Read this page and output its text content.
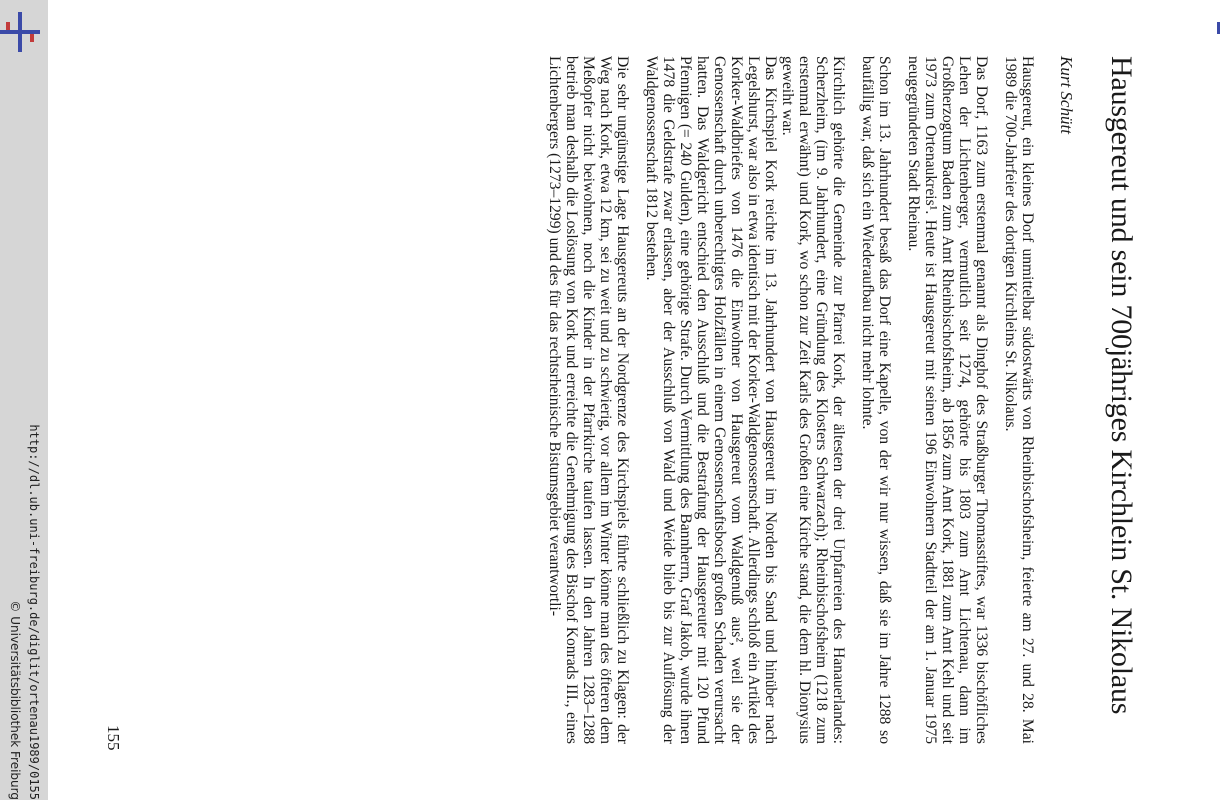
http://dl.ub.uni-freiburg.de/diglit/ortenau1989/0155
© Universitätsbibliothek Freiburg	Hausgereut und sein 700jähriges Kirchlein St. Nikolaus
Kurt Schütt

Hausgereut, ein kleines Dorf unmittelbar südostwärts von Rheinbischofsheim, feierte am 27. und 28. Mai 1989 die 700-Jahrfeier des dortigen Kirchleins St. Nikolaus.

Das Dorf, 1163 zum erstenmal genannt als Dinghof des Straßburger Thomasstiftes, war 1336 bischöfliches Lehen der Lichtenberger, vermutlich seit 1274, gehörte bis 1803 zum Amt Lichtenau, dann im Großherzogtum Baden zum Amt Rheinbischofsheim, ab 1856 zum Amt Kork, 1881 zum Amt Kehl und seit 1973 zum Ortenaukreis¹. Heute ist Hausgereut mit seinen 196 Einwohnern Stadtteil der am 1. Januar 1975 neugegründeten Stadt Rheinau.

Schon im 13. Jahrhundert besaß das Dorf eine Kapelle, von der wir nur wissen, daß sie im Jahre 1288 so baufällig war, daß sich ein Wiederaufbau nicht mehr lohnte.

Kirchlich gehörte die Gemeinde zur Pfarrei Kork, der ältesten der drei Urpfarreien des Hanauerlandes: Scherzheim, (im 9. Jahrhundert, eine Gründung des Klosters Schwarzach); Rheinbischofsheim (1218 zum erstenmal erwähnt) und Kork, wo schon zur Zeit Karls des Großen eine Kirche stand, die dem hl. Dionysius geweiht war.

Das Kirchspiel Kork reichte im 13. Jahrhundert von Hausgereut im Norden bis Sand und hinüber nach Legelshurst, war also in etwa identisch mit der Korker-Waldgenossenschaft. Allerdings schloß ein Artikel des Korker-Waldbriefes von 1476 die Einwohner von Hausgereut vom Waldgenuß aus², weil sie der Genossenschaft durch unberechtigtes Holzfällen in einem Genossenschaftsbosch großen Schaden verursacht hatten. Das Waldgericht entschied den Ausschluß und die Bestrafung der Hausgereuter mit 120 Pfund Pfennigen (= 240 Gulden), eine gehörige Strafe. Durch Vermittlung des Bannherrn, Graf Jakob, wurde ihnen 1478 die Geldstrafe zwar erlassen, aber der Ausschluß von Wald und Weide blieb bis zur Auflösung der Waldgenossenschaft 1812 bestehen.

Die sehr ungünstige Lage Hausgereuts an der Nordgrenze des Kirchspiels führte schließlich zu Klagen: der Weg nach Kork, etwa 12 km, sei zu weit und zu schwierig, vor allem im Winter könne man des öfteren dem Meßopfer nicht beiwohnen, noch die Kinder in der Pfarrkirche taufen lassen. In den Jahren 1283–1288 betrieb man deshalb die Loslösung von Kork und erreichte die Genehmigung des Bischof Konrads III., eines Lichtenbergers (1273–1299) und des für das rechtsrheinische Bistumsgebiet verantwortli-

155
